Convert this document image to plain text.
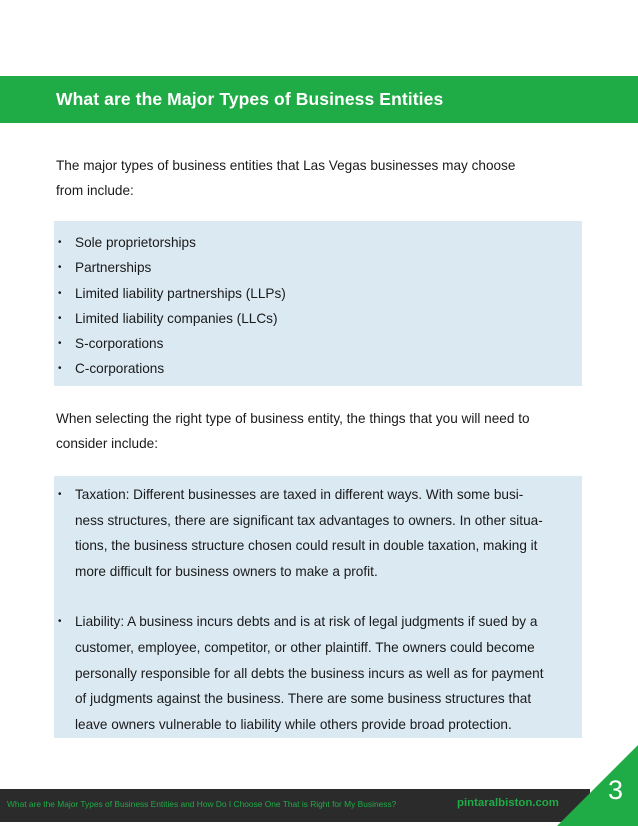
What are the Major Types of Business Entities
The major types of business entities that Las Vegas businesses may choose
from include:
• Sole proprietorships
• Partnerships
• Limited liability partnerships (LLPs)
• Limited liability companies (LLCs)
• S-corporations
• C-corporations
When selecting the right type of business entity, the things that you will need to
consider include:
• Taxation: Different businesses are taxed in different ways. With some busi-
ness structures, there are significant tax advantages to owners. In other situa-
tions, the business structure chosen could result in double taxation, making it
more difficult for business owners to make a profit.
• Liability: A business incurs debts and is at risk of legal judgments if sued by a
customer, employee, competitor, or other plaintiff. The owners could become
personally responsible for all debts the business incurs as well as for payment
of judgments against the business. There are some business structures that
leave owners vulnerable to liability while others provide broad protection.
What are the Major Types of Business Entities and How Do I Choose One That is Right for My Business?	pintaralbiston.com 3
